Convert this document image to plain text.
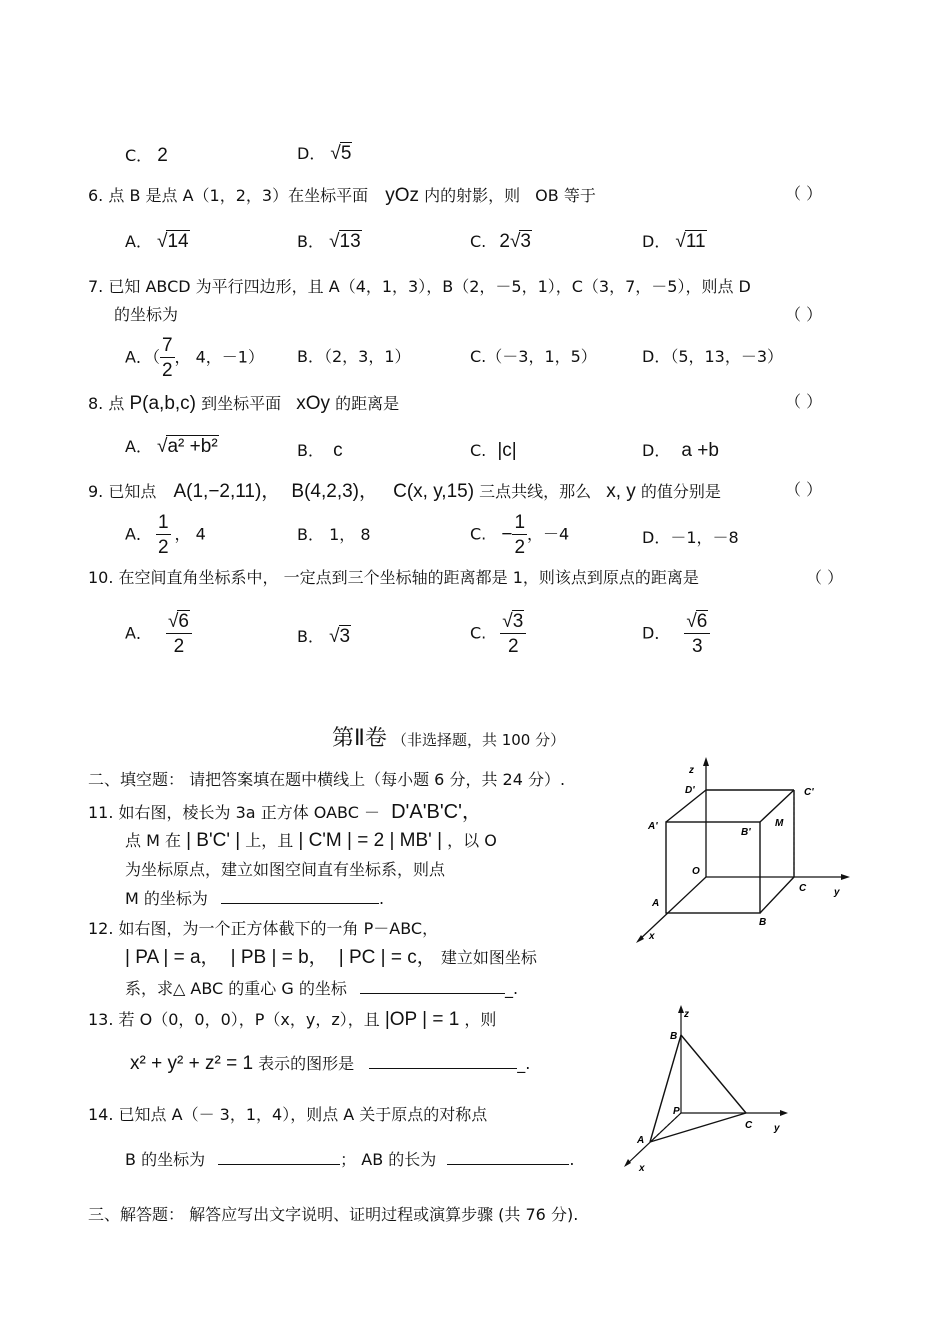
C． 2	D． √5
6. 点 B 是点 A（1，2，3）在坐标平面 yOz 内的射影，则 OB 等于	（ ）
A． √14	B． √13	C. 2√3	D． √11
7. 已知 ABCD 为平行四边形，且 A（4，1，3），B（2，－5，1），C（3，7，－5），则点 D
的坐标为	（ ）
A．（ $\frac{7}{2}$ ， 4，－1） B．（2，3，1）	C.（－3，1，5）	D．（5，13，－3）
8. 点 P(a,b,c) 到坐标平面 xOy 的距离是	（ ）
A． √a² +b²	B． c	C. |c|	D． a +b
9. 已知点 A(1,−2,11)， B(4,2,3)， C(x, y,15) 三点共线，那么 x, y 的值分别是	（ ）
A． $\frac{1}{2}$ ， 4	B． 1， 8	C. − $\frac{1}{2}$ ，－4	D．－1，－8
10. 在空间直角坐标系中， 一定点到三个坐标轴的距离都是 1，则该点到原点的距离是	（ ）
A． $\frac{√6}{2}$	B． √3	C. $\frac{√3}{2}$	D． $\frac{√6}{3}$
第Ⅱ卷 （非选择题，共 100 分）
二、填空题： 请把答案填在题中横线上（每小题 6 分，共 24 分）.
11. 如右图，棱长为 3a 正方体 OABC － D'A'B'C'，
点 M 在 | B'C' | 上，且 | C'M | = 2 | MB' | ，以 O
为坐标原点，建立如图空间直有坐标系，则点
M 的坐标为	.
12. 如右图，为一个正方体截下的一角 P－ABC，
| PA | = a， | PB | = b， | PC | = c， 建立如图坐标
系，求△ ABC 的重心 G 的坐标	_.
13. 若 O（0，0，0），P（x，y，z），且 |OP | = 1 ，则
x² + y² + z² = 1 表示的图形是	_.
14. 已知点 A（－ 3，1，4），则点 A 关于原点的对称点
B 的坐标为	； AB 的长为	.
三、解答题： 解答应写出文字说明、证明过程或演算步骤 (共 76 分).
z
D'	C'
A'
B'
M
O
C	y
A
B
x
z
B
P
C y
A
x
